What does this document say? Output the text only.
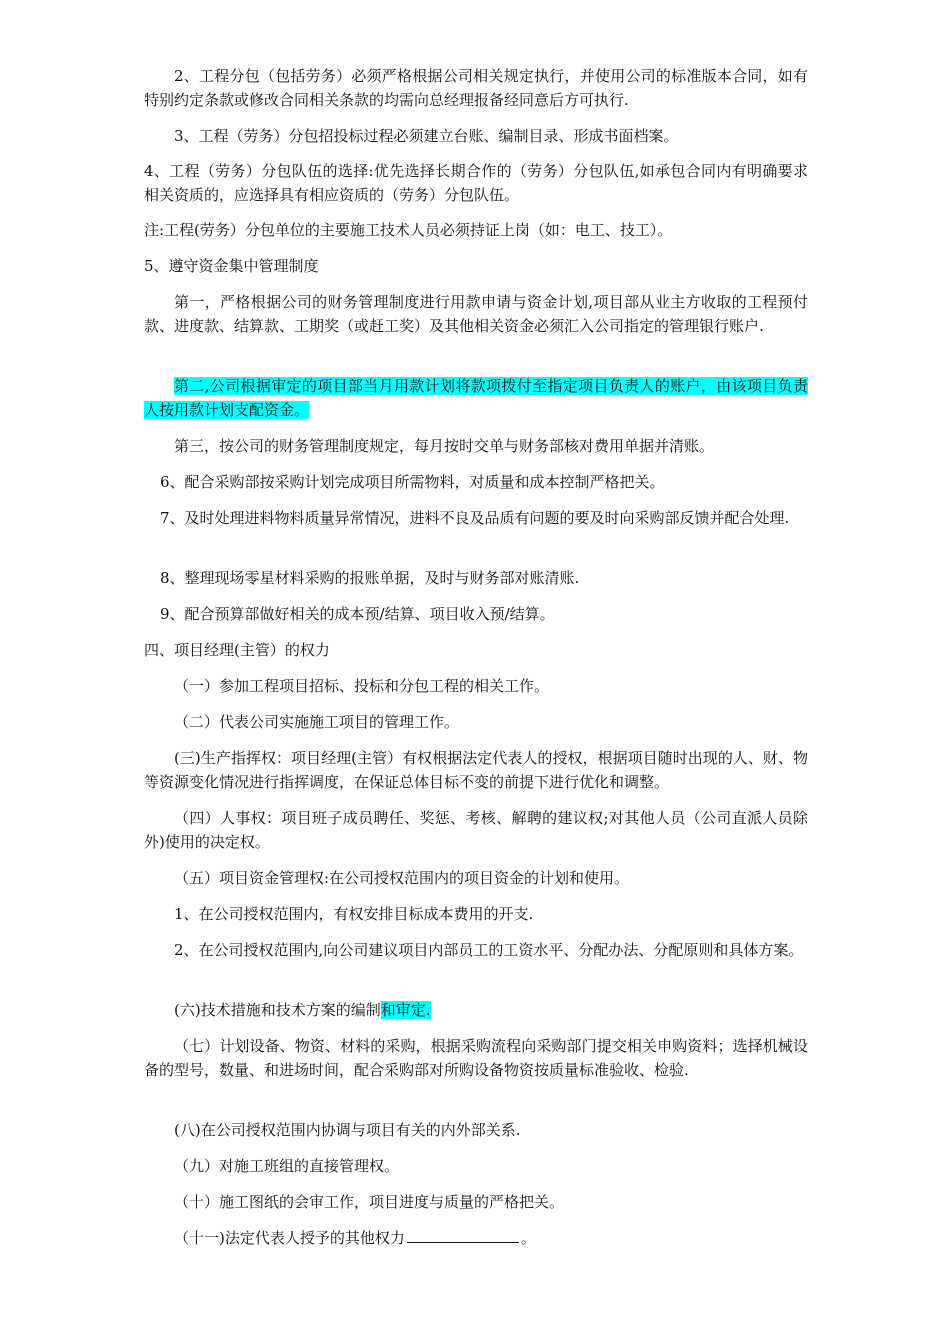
2、工程分包（包括劳务）必须严格根据公司相关规定执行，并使用公司的标准版本合同，如有特别约定条款或修改合同相关条款的均需向总经理报备经同意后方可执行.

3、工程（劳务）分包招投标过程必须建立台账、编制目录、形成书面档案。

4、工程（劳务）分包队伍的选择:优先选择长期合作的（劳务）分包队伍,如承包合同内有明确要求相关资质的，应选择具有相应资质的（劳务）分包队伍。

注:工程(劳务）分包单位的主要施工技术人员必须持证上岗（如：电工、技工）。

5、遵守资金集中管理制度

第一，严格根据公司的财务管理制度进行用款申请与资金计划,项目部从业主方收取的工程预付款、进度款、结算款、工期奖（或赶工奖）及其他相关资金必须汇入公司指定的管理银行账户.

第二,公司根据审定的项目部当月用款计划将款项拨付至指定项目负责人的账户，由该项目负责人按用款计划支配资金。

第三，按公司的财务管理制度规定，每月按时交单与财务部核对费用单据并清账。

6、配合采购部按采购计划完成项目所需物料，对质量和成本控制严格把关。

7、及时处理进料物料质量异常情况，进料不良及品质有问题的要及时向采购部反馈并配合处理.

8、整理现场零星材料采购的报账单据，及时与财务部对账清账.

9、配合预算部做好相关的成本预/结算、项目收入预/结算。

四、项目经理(主管）的权力

（一）参加工程项目招标、投标和分包工程的相关工作。

（二）代表公司实施施工项目的管理工作。

(三)生产指挥权：项目经理(主管）有权根据法定代表人的授权，根据项目随时出现的人、财、物等资源变化情况进行指挥调度，在保证总体目标不变的前提下进行优化和调整。

（四）人事权：项目班子成员聘任、奖惩、考核、解聘的建议权;对其他人员（公司直派人员除外)使用的决定权。

（五）项目资金管理权:在公司授权范围内的项目资金的计划和使用。

1、在公司授权范围内，有权安排目标成本费用的开支.

2、在公司授权范围内,向公司建议项目内部员工的工资水平、分配办法、分配原则和具体方案。

(六)技术措施和技术方案的编制和审定.

（七）计划设备、物资、材料的采购，根据采购流程向采购部门提交相关申购资料；选择机械设备的型号，数量、和进场时间，配合采购部对所购设备物资按质量标准验收、检验.

(八)在公司授权范围内协调与项目有关的内外部关系.

（九）对施工班组的直接管理权。

（十）施工图纸的会审工作，项目进度与质量的严格把关。

（十一)法定代表人授予的其他权力	。
